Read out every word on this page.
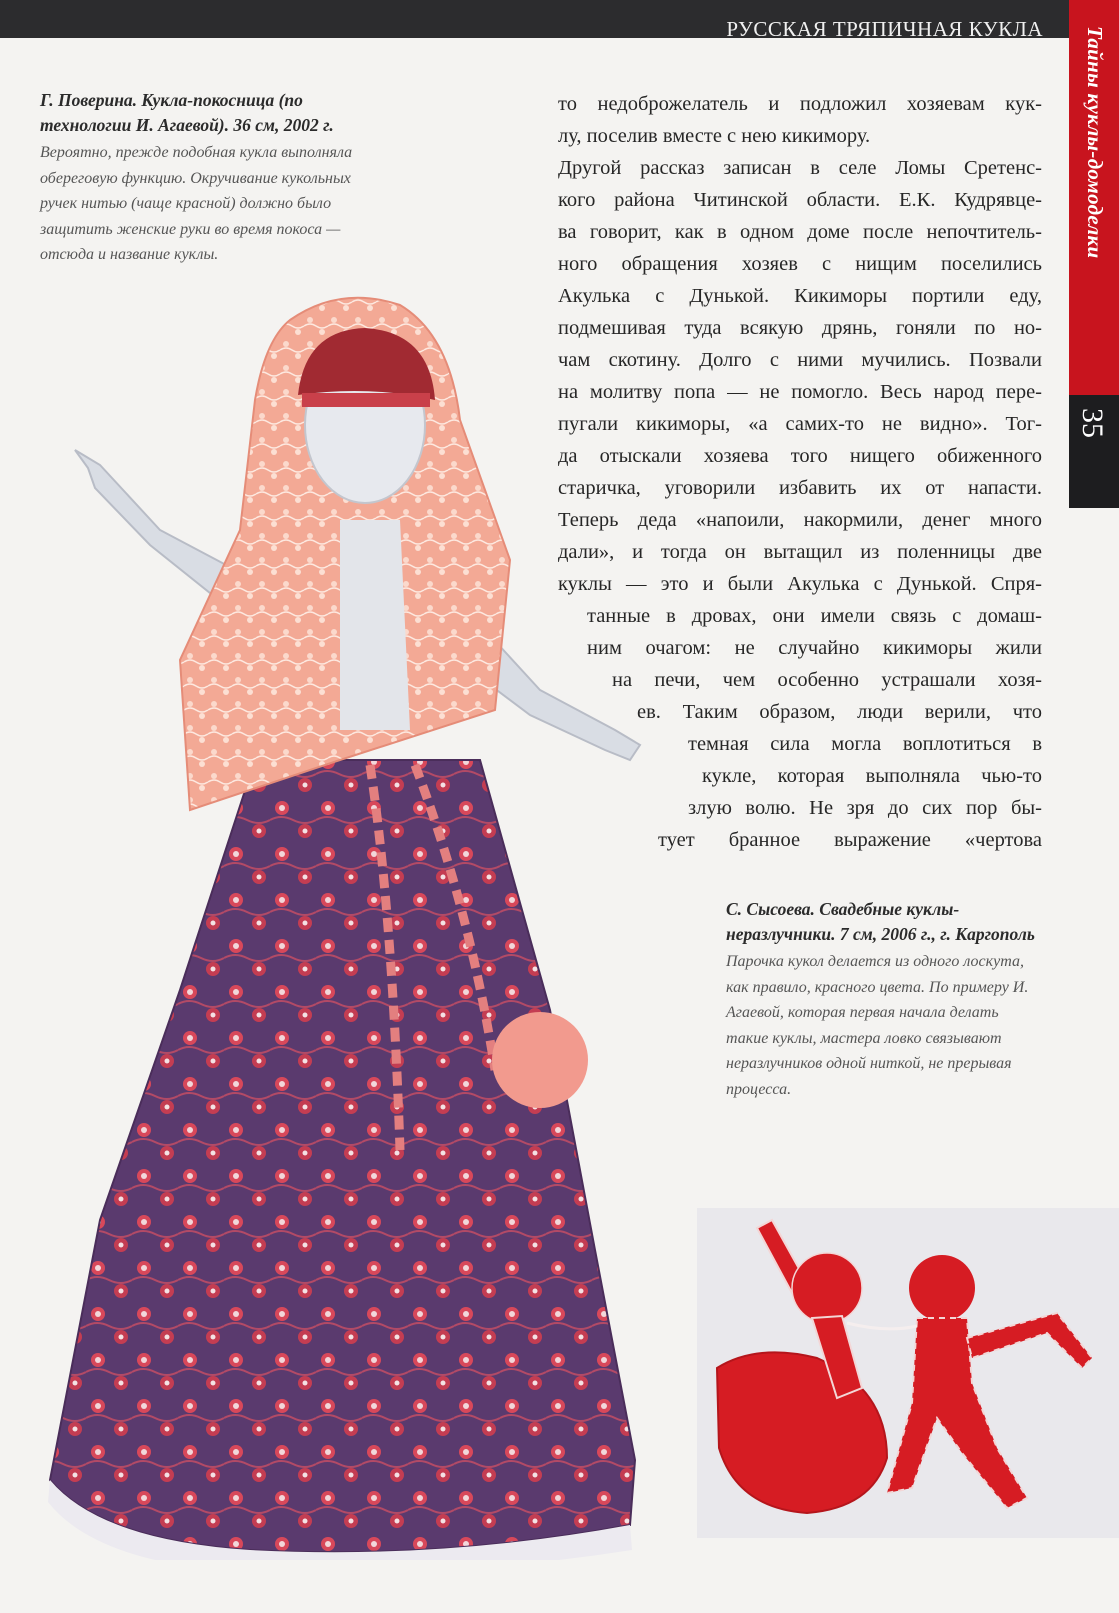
РУССКАЯ ТРЯПИЧНАЯ КУКЛА Тайны куклы-домоделки
35

Г. Поверина. Кукла-покосница (по технологии И. Агаевой). 36 см, 2002 г.

Вероятно, прежде подобная кукла выполняла обереговую функцию. Окручивание кукольных ручек нитью (чаще красной) должно было защитить женские руки во время покоса — отсюда и название куклы.

то недоброжелатель и подложил хозяевам кук-
лу, поселив вместе с нею кикимору.
Другой рассказ записан в селе Ломы Сретенс-
кого района Читинской области. Е.К. Кудрявце-
ва говорит, как в одном доме после непочтитель-
ного обращения хозяев с нищим поселились
Акулька с Дунькой. Кикиморы портили еду,
подмешивая туда всякую дрянь, гоняли по но-
чам скотину. Долго с ними мучились. Позвали
на молитву попа — не помогло. Весь народ пере-
пугали кикиморы, «а самих-то не видно». Тог-
да отыскали хозяева того нищего обиженного
старичка, уговорили избавить их от напасти.
Теперь деда «напоили, накормили, денег много
дали», и тогда он вытащил из поленницы две
куклы — это и были Акулька с Дунькой. Спря-
танные в дровах, они имели связь с домаш-
ним очагом: не случайно кикиморы жили
на печи, чем особенно устрашали хозя-
ев. Таким образом, люди верили, что
темная сила могла воплотиться в
кукле, которая выполняла чью-то
злую волю. Не зря до сих пор бы-
тует бранное выражение «чертова

С. Сысоева. Свадебные куклы-неразлучники. 7 см, 2006 г., г. Каргополь

Парочка кукол делается из одного лоскута, как правило, красного цвета. По примеру И. Агаевой, которая первая начала делать такие куклы, мастера ловко связывают неразлучников одной ниткой, не прерывая процесса.
